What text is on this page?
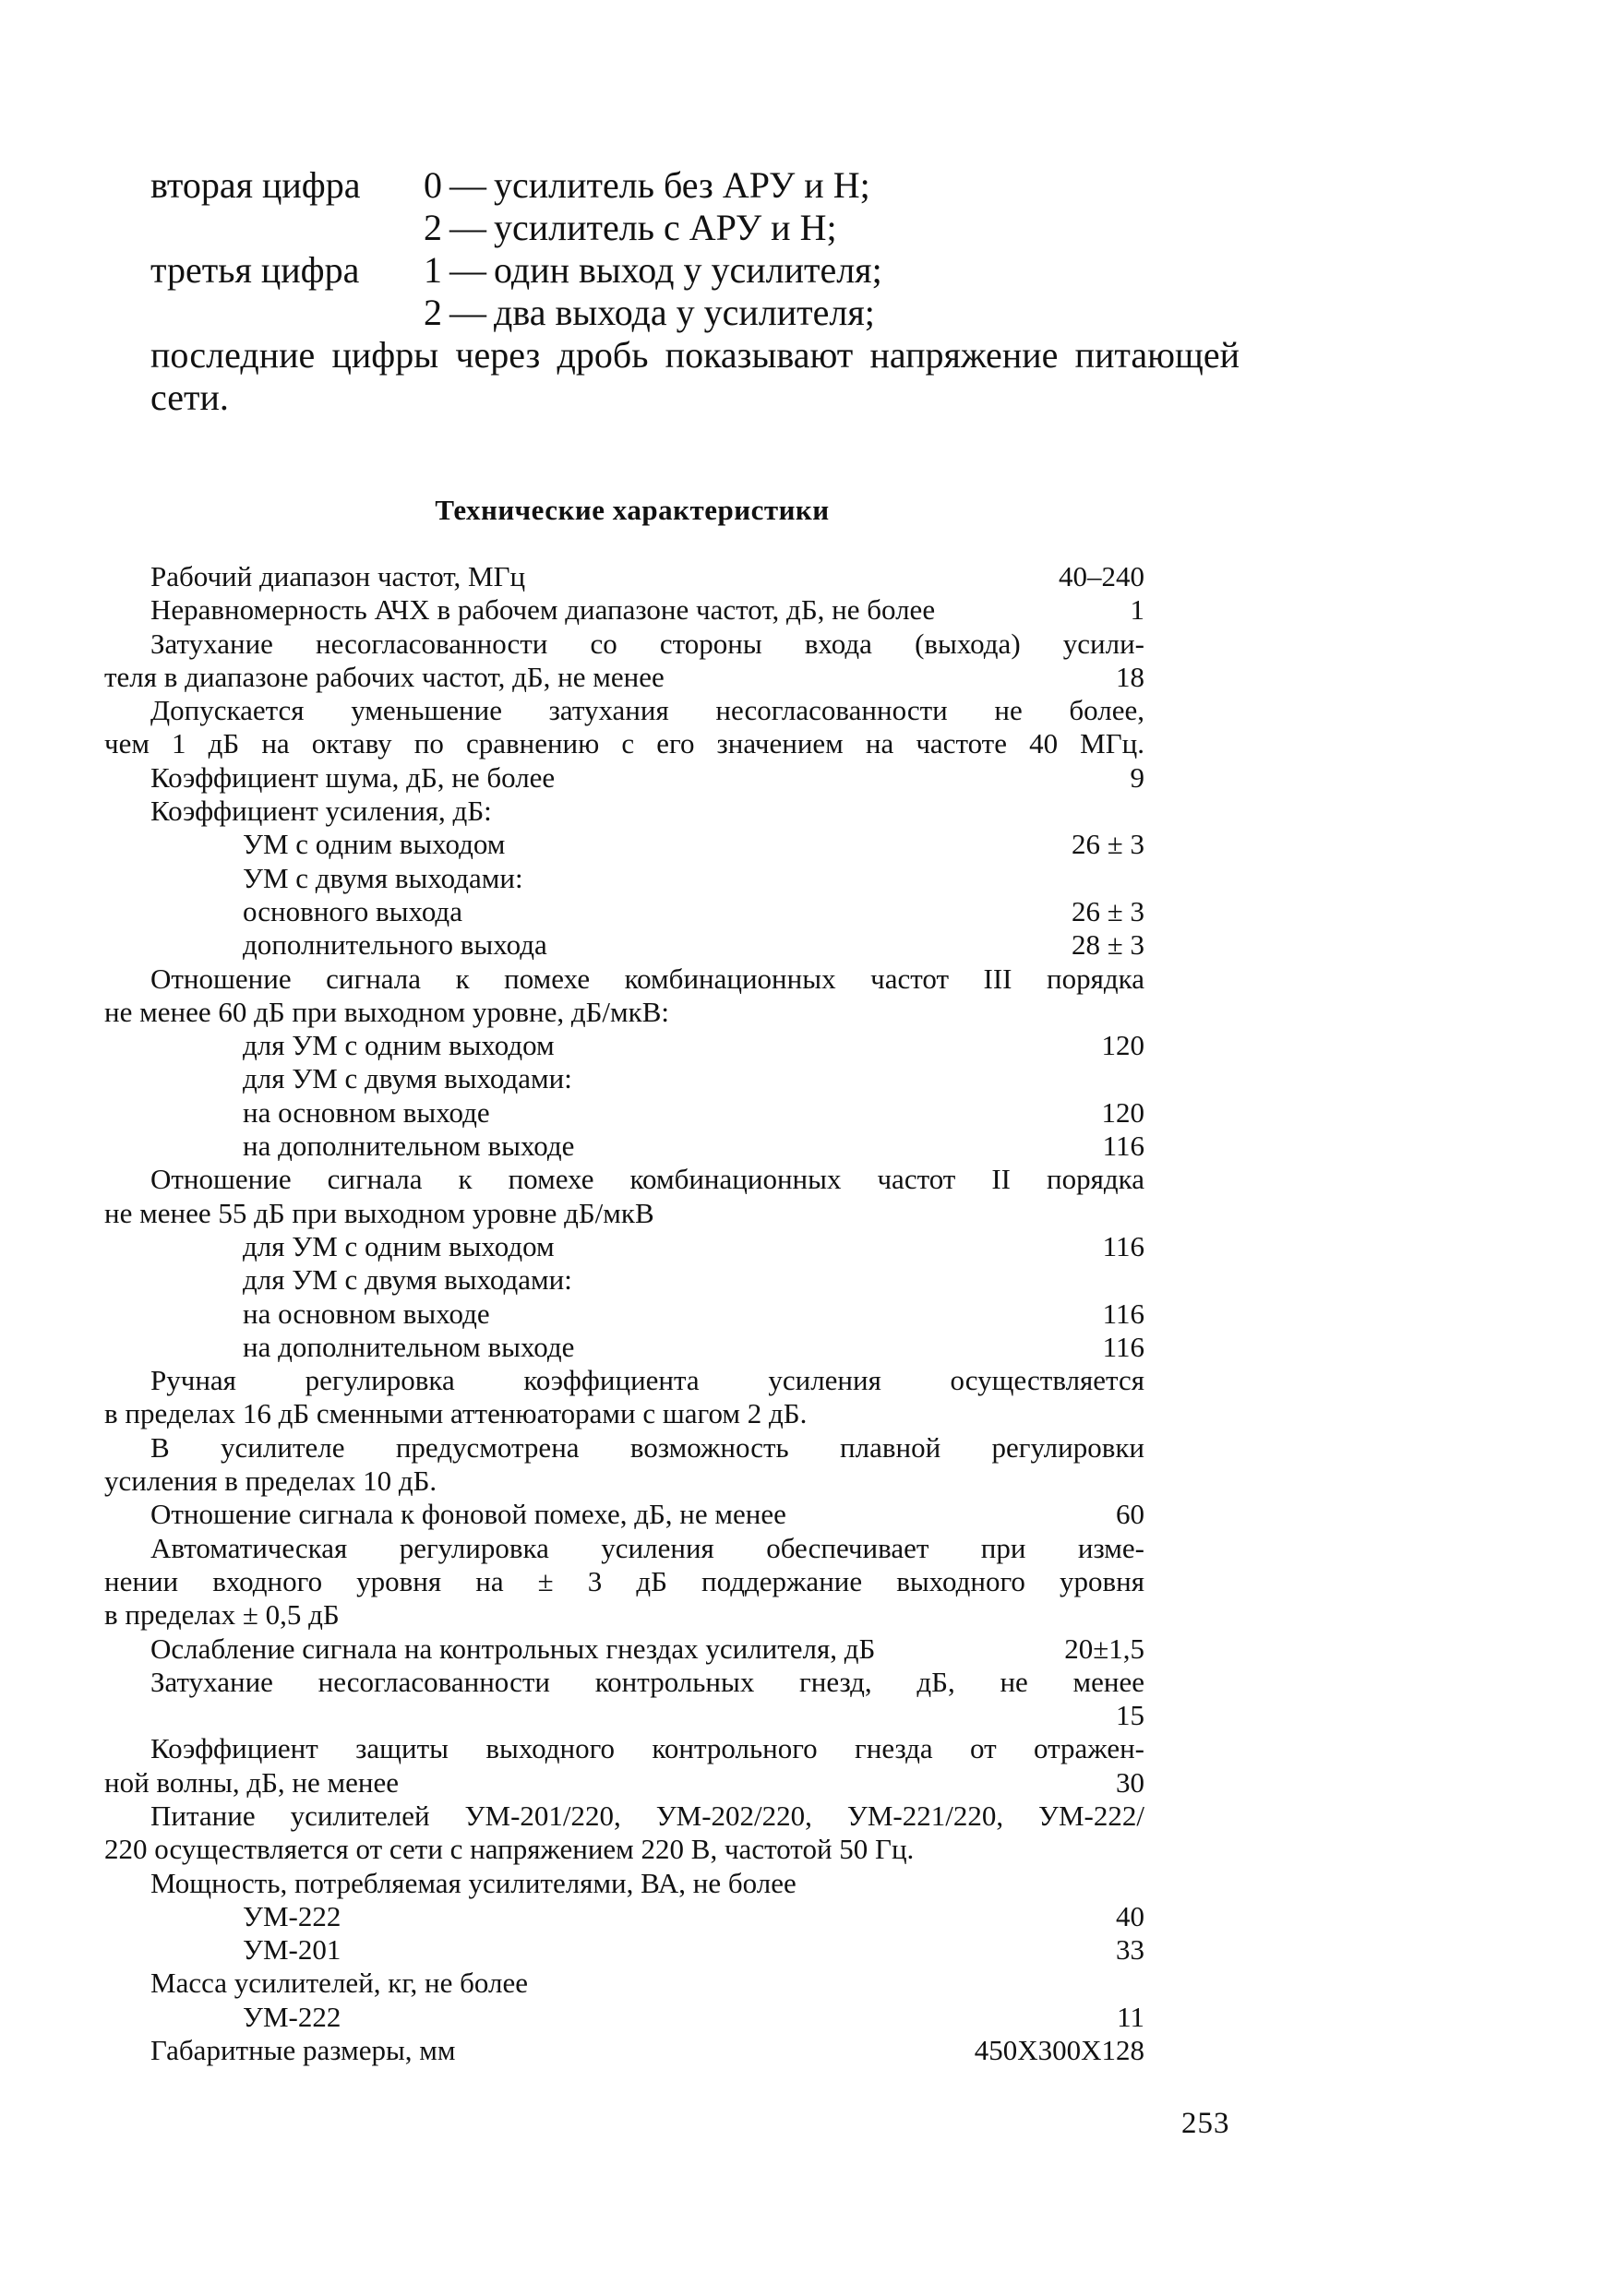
вторая цифра	0 — усилитель без АРУ и Н;
2 — усилитель с АРУ и Н;
третья цифра	1 — один выход у усилителя;
2 — два выхода у усилителя;
последние цифры через дробь показывают напряжение питающей сети.
Технические характеристики
Рабочий диапазон частот, МГц	40–240
Неравномерность АЧХ в рабочем диапазоне частот, дБ, не более	1
Затухание несогласованности со стороны входа (выхода) усили-
теля в диапазоне рабочих частот, дБ, не менее	18
Допускается уменьшение затухания несогласованности не более,
чем 1 дБ на октаву по сравнению с его значением на частоте 40 МГц.
Коэффициент шума, дБ, не более	9
Коэффициент усиления, дБ:
УМ с одним выходом	26 ± 3
УМ с двумя выходами:
основного выхода	26 ± 3
дополнительного выхода	28 ± 3
Отношение сигнала к помехе комбинационных частот III порядка
не менее 60 дБ при выходном уровне, дБ/мкВ:
для УМ с одним выходом	120
для УМ с двумя выходами:
на основном выходе	120
на дополнительном выходе	116
Отношение сигнала к помехе комбинационных частот II порядка
не менее 55 дБ при выходном уровне дБ/мкВ
для УМ с одним выходом	116
для УМ с двумя выходами:
на основном выходе	116
на дополнительном выходе	116
Ручная регулировка коэффициента усиления осуществляется
в пределах 16 дБ сменными аттенюаторами с шагом 2 дБ.
В усилителе предусмотрена возможность плавной регулировки
усиления в пределах 10 дБ.
Отношение сигнала к фоновой помехе, дБ, не менее	60
Автоматическая регулировка усиления обеспечивает при изме-
нении входного уровня на ± 3 дБ поддержание выходного уровня
в пределах ± 0,5 дБ
Ослабление сигнала на контрольных гнездах усилителя, дБ	20±1,5
Затухание несогласованности контрольных гнезд, дБ, не менее
15
Коэффициент защиты выходного контрольного гнезда от отражен-
ной волны, дБ, не менее	30
Питание усилителей УМ-201/220, УМ-202/220, УМ-221/220, УМ-222/
220 осуществляется от сети с напряжением 220 В, частотой 50 Гц.
Мощность, потребляемая усилителями, ВА, не более
УМ-222	40
УМ-201	33
Масса усилителей, кг, не более
УМ-222	11
Габаритные размеры, мм	450Х300Х128
253
